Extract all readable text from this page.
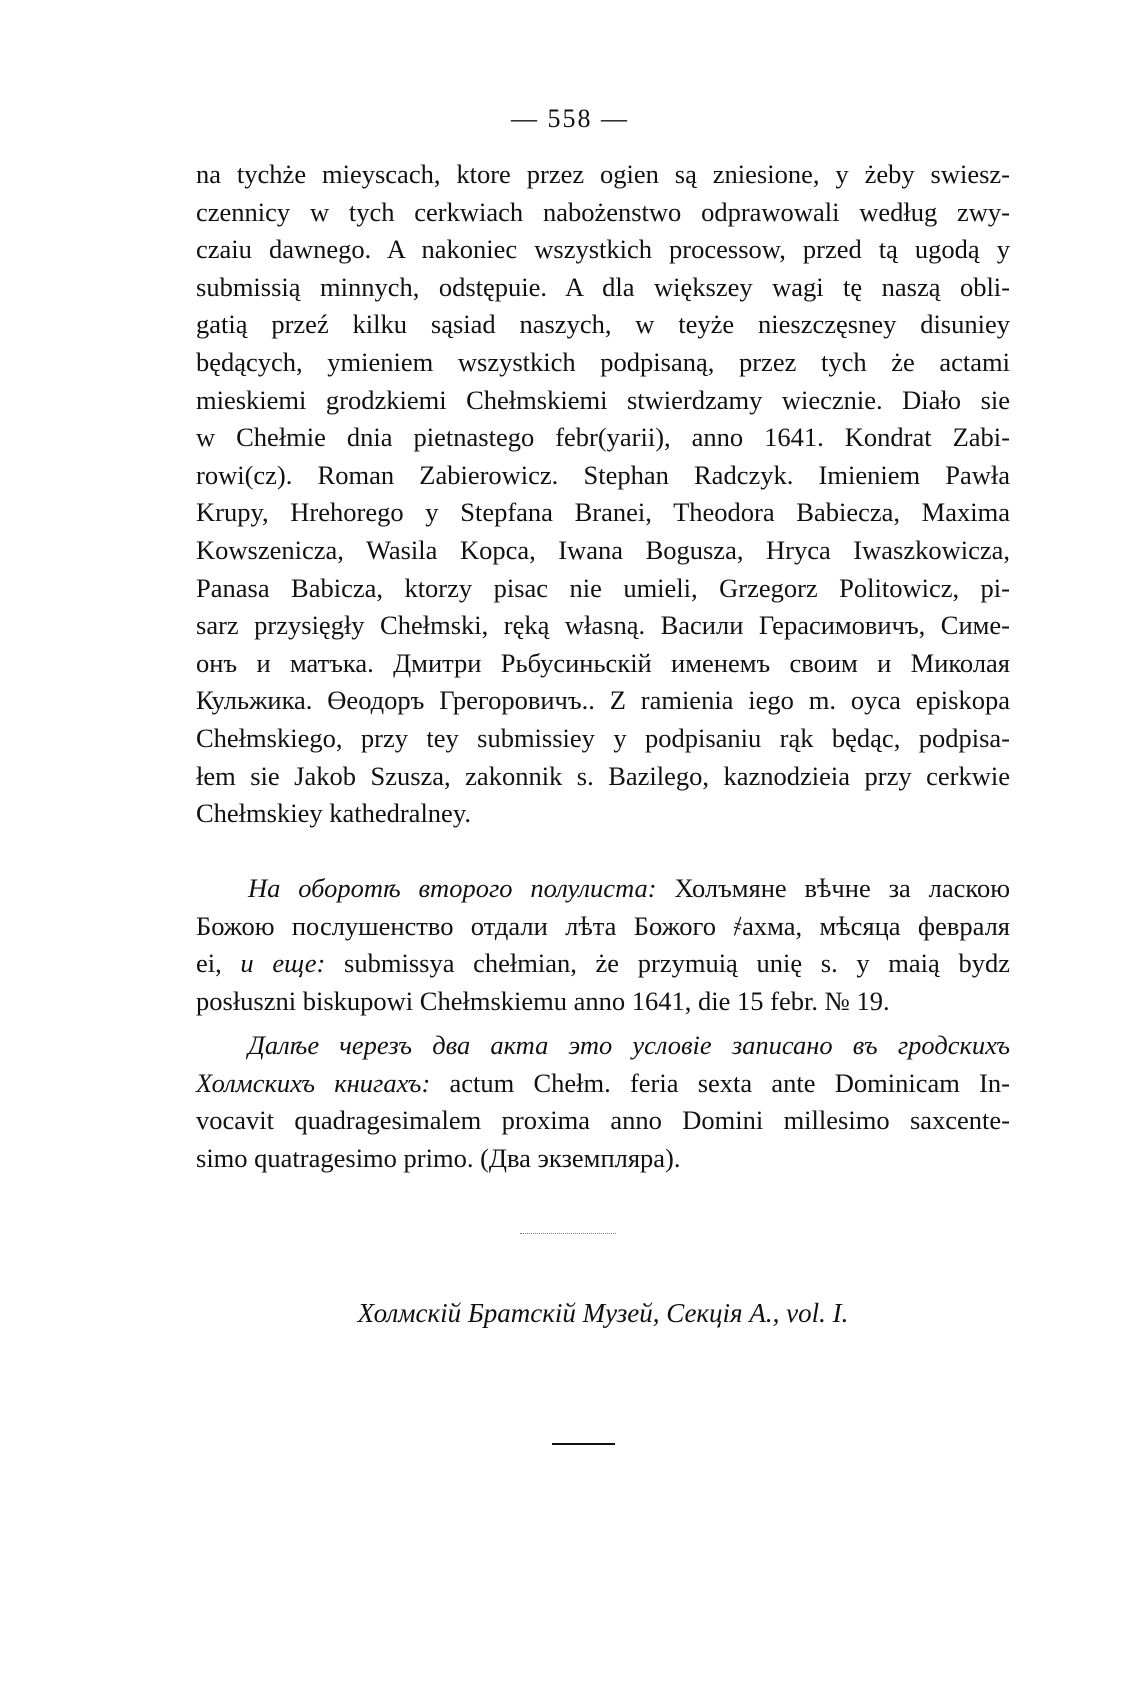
— 558 —
na tychże mieyscach, ktore przez ogien są zniesione, y żeby swiesz-
czennicy w tych cerkwiach nabożenstwo odprawowali według zwy-
czaiu dawnego. A nakoniec wszystkich processow, przed tą ugodą y
submissią minnych, odstępuie. A dla większey wagi tę naszą obli-
gatią przeź kilku sąsiad naszych, w teyże nieszczęsney disuniey
będących, ymieniem wszystkich podpisaną, przez tych że actami
mieskiemi grodzkiemi Chełmskiemi stwierdzamy wiecznie. Diało sie
w Chełmie dnia pietnastego febr(yarii), anno 1641. Kondrat Zabi-
rowi(cz). Roman Zabierowicz. Stephan Radczyk. Imieniem Pawła
Krupy, Hrehorego y Stepfana Branei, Theodora Babiecza, Maxima
Kowszenicza, Wasila Kopca, Iwana Bogusza, Hryca Iwaszkowicza,
Panasa Babicza, ktorzy pisac nie umieli, Grzegorz Politowicz, pi-
sarz przysięgły Chełmski, ręką własną. Васили Герасимовичъ, Симе-
онъ и матъка. Дмитри Рьбусиньскій именемъ своим и Миколая
Кульжика. Өеодоръ Грегоровичъ.. Z ramienia iego m. oyca episkopa
Chełmskiego, przy tey submissiey y podpisaniu rąk będąc, podpisa-
łem sie Jakob Szusza, zakonnik s. Bazilego, kaznodzieia przy cerkwie
Chełmskiey kathedralney.
На оборотѣ второго полулиста: Холъмяне вѣчне за ласкою
Божою послушенство отдали лѣта Божого ҂ахма, мѣсяца февраля
еі, и еще: submissya chełmian, że przymuią unię s. y maią bydz
posłuszni biskupowi Chełmskiemu anno 1641, die 15 febr. № 19.
Далѣе черезъ два акта это условіе записано въ гродскихъ
Холмскихъ книгахъ: actum Chełm. feria sexta ante Dominicam In-
vocavit quadragesimalem proxima anno Domini millesimo saxcente-
simo quatragesimo primo. (Два экземпляра).
Холмскій Братскій Музей, Секція А., vol. I.
